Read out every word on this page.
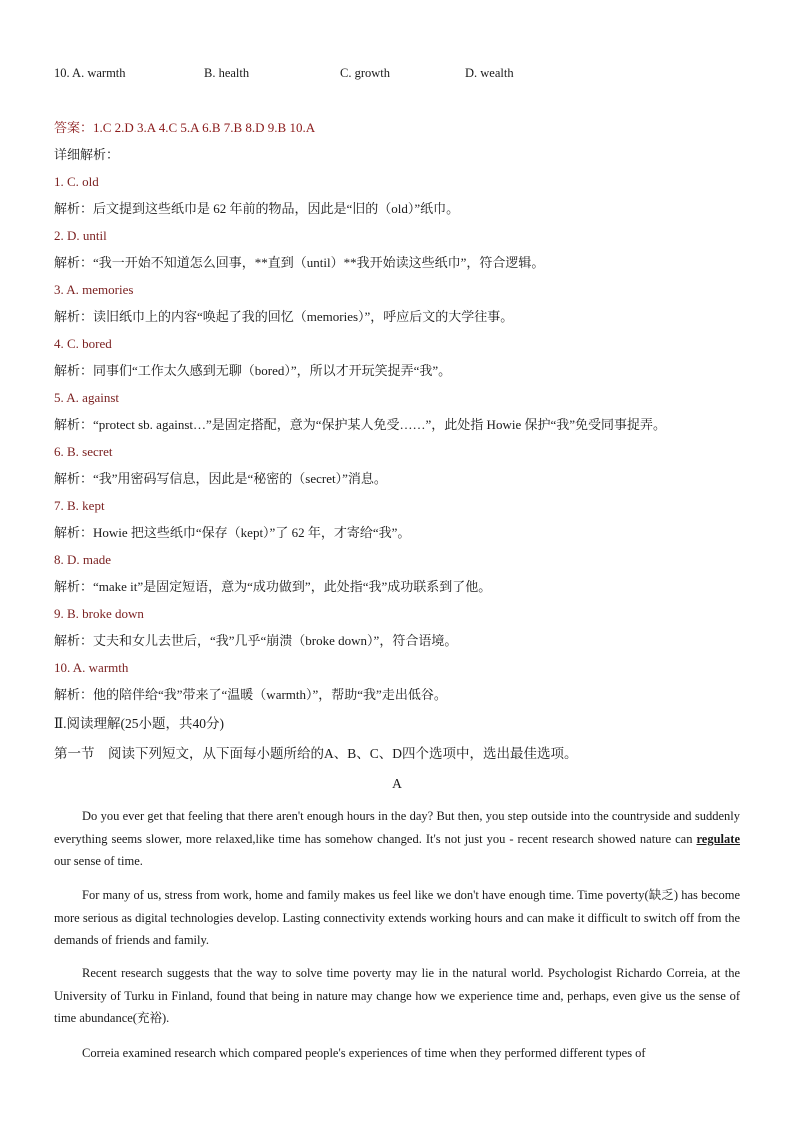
10. A. warmth	B. health	C. growth	D. wealth
答案：1.C 2.D 3.A 4.C 5.A 6.B 7.B 8.D 9.B 10.A
详细解析：
1. C. old
解析：后文提到这些纸巾是 62 年前的物品，因此是“旧的（old）”纸巾。
2. D. until
解析：“我一开始不知道怎么回事，**直到（until）**我开始读这些纸巾”，符合逻辑。
3. A. memories
解析：读旧纸巾上的内容“唤起了我的回忆（memories）”，呼应后文的大学往事。
4. C. bored
解析：同事们“工作太久感到无聊（bored）”，所以才开玩笑捉弄“我”。
5. A. against
解析：“protect sb. against…”是固定搭配，意为“保护某人免受……”，此处指 Howie 保护“我”免受同事捉弄。
6. B. secret
解析：“我”用密码写信息，因此是“秘密的（secret）”消息。
7. B. kept
解析：Howie 把这些纸巾“保存（kept）”了 62 年，才寄给“我”。
8. D. made
解析：“make it”是固定短语，意为“成功做到”，此处指“我”成功联系到了他。
9. B. broke down
解析：丈夫和女儿去世后，“我”几乎“崩溃（broke down）”，符合语境。
10. A. warmth
解析：他的陪伴给“我”带来了“温暖（warmth）”，帮助“我”走出低谷。
Ⅱ.阅读理解(25小题，共40分)
第一节　阅读下列短文，从下面每小题所给的A、B、C、D四个选项中，选出最佳选项。
A
Do you ever get that feeling that there aren't enough hours in the day? But then, you step outside into the countryside and suddenly everything seems slower, more relaxed,like time has somehow changed. It's not just you - recent research showed nature can regulate our sense of time.
For many of us, stress from work, home and family makes us feel like we don't have enough time. Time poverty(缺乏) has become more serious as digital technologies develop. Lasting connectivity extends working hours and can make it difficult to switch off from the demands of friends and family.
Recent research suggests that the way to solve time poverty may lie in the natural world. Psychologist Richardo Correia, at the University of Turku in Finland, found that being in nature may change how we experience time and, perhaps, even give us the sense of time abundance(充裕).
Correia examined research which compared people's experiences of time when they performed different types of
